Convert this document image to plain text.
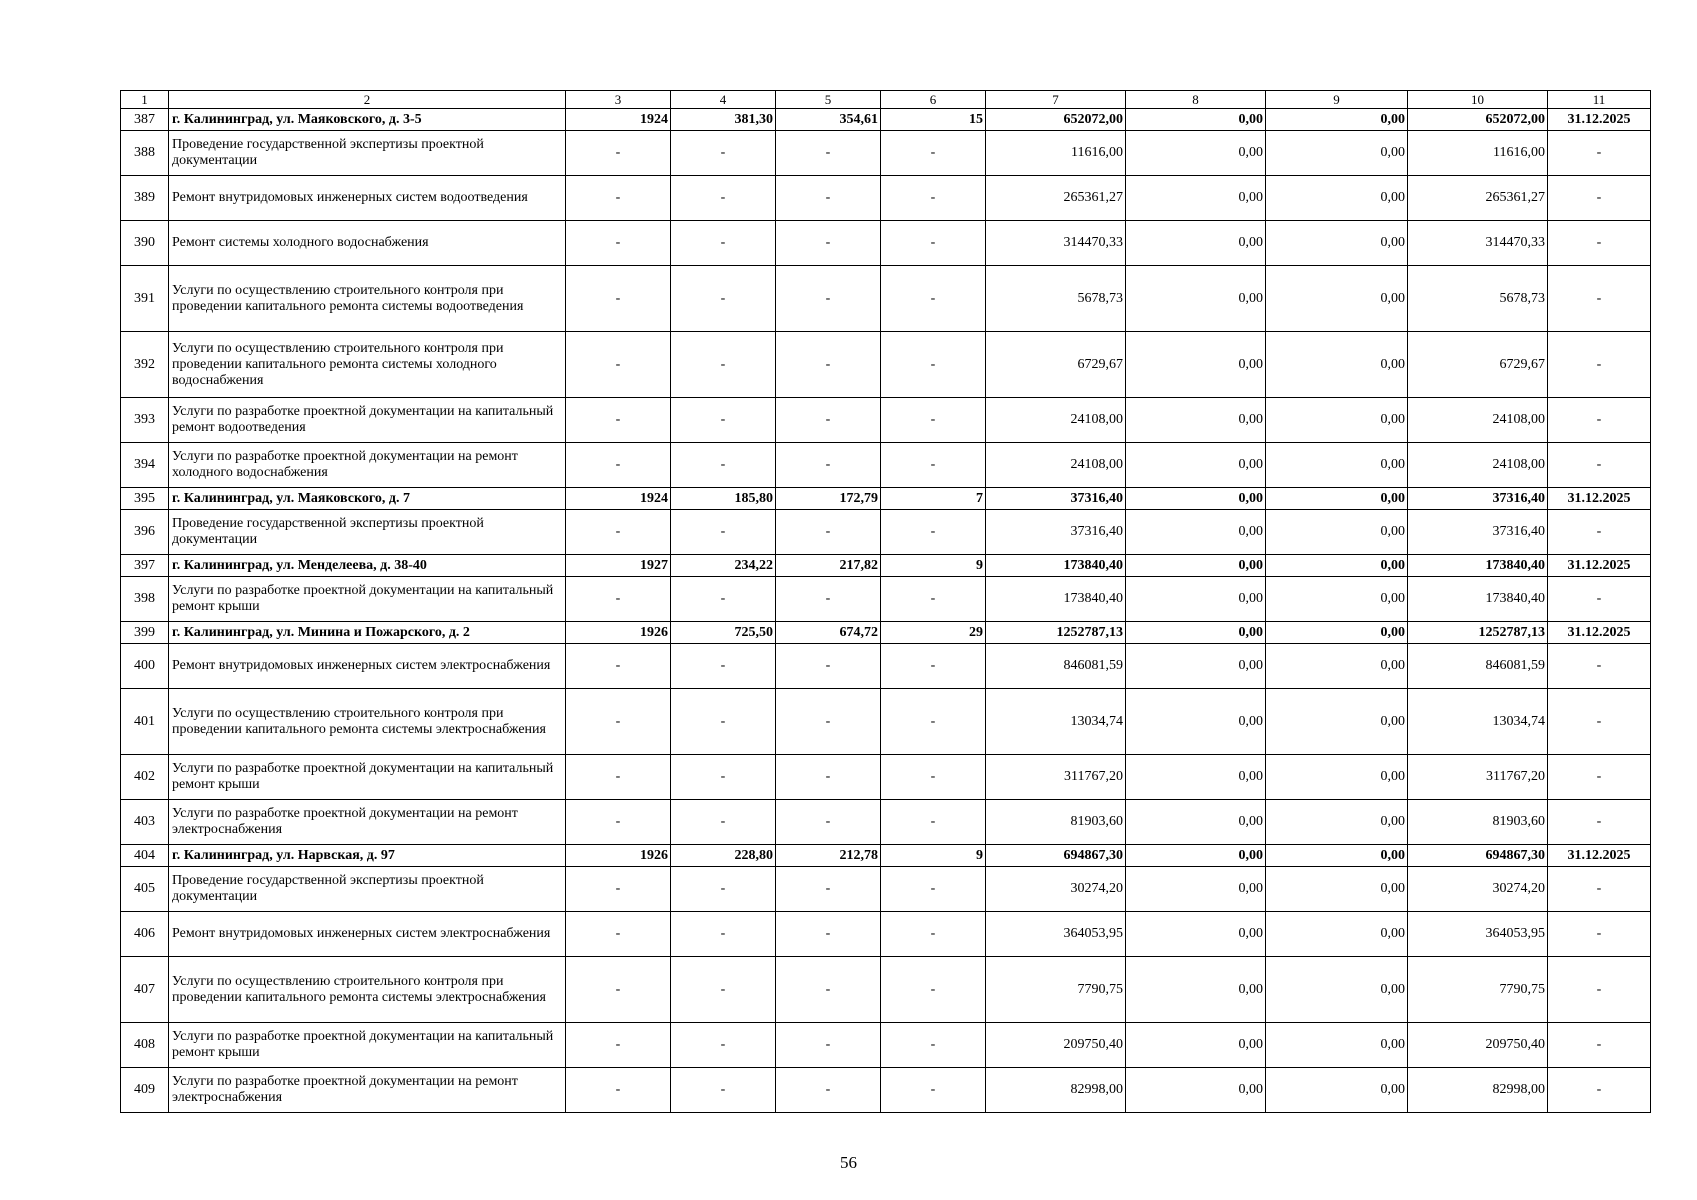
1	2	3	4	5	6	7	8	9	10	11
387	г. Калининград, ул. Маяковского, д. 3-5	1924	381,30	354,61	15	652072,00	0,00	0,00	652072,00	31.12.2025
388	Проведение государственной экспертизы проектной документации	-	-	-	-	11616,00	0,00	0,00	11616,00	-
389	Ремонт внутридомовых инженерных систем водоотведения	-	-	-	-	265361,27	0,00	0,00	265361,27	-
390	Ремонт системы холодного водоснабжения	-	-	-	-	314470,33	0,00	0,00	314470,33	-
391	Услуги по осуществлению строительного контроля при проведении капитального ремонта системы водоотведения	-	-	-	-	5678,73	0,00	0,00	5678,73	-
392	Услуги по осуществлению строительного контроля при проведении капитального ремонта системы холодного водоснабжения	-	-	-	-	6729,67	0,00	0,00	6729,67	-
393	Услуги по разработке проектной документации на капитальный ремонт водоотведения	-	-	-	-	24108,00	0,00	0,00	24108,00	-
394	Услуги по разработке проектной документации на ремонт холодного водоснабжения	-	-	-	-	24108,00	0,00	0,00	24108,00	-
395	г. Калининград, ул. Маяковского, д. 7	1924	185,80	172,79	7	37316,40	0,00	0,00	37316,40	31.12.2025
396	Проведение государственной экспертизы проектной документации	-	-	-	-	37316,40	0,00	0,00	37316,40	-
397	г. Калининград, ул. Менделеева, д. 38-40	1927	234,22	217,82	9	173840,40	0,00	0,00	173840,40	31.12.2025
398	Услуги по разработке проектной документации на капитальный ремонт крыши	-	-	-	-	173840,40	0,00	0,00	173840,40	-
399	г. Калининград, ул. Минина и Пожарского, д. 2	1926	725,50	674,72	29	1252787,13	0,00	0,00	1252787,13	31.12.2025
400	Ремонт внутридомовых инженерных систем электроснабжения	-	-	-	-	846081,59	0,00	0,00	846081,59	-
401	Услуги по осуществлению строительного контроля при проведении капитального ремонта системы электроснабжения	-	-	-	-	13034,74	0,00	0,00	13034,74	-
402	Услуги по разработке проектной документации на капитальный ремонт крыши	-	-	-	-	311767,20	0,00	0,00	311767,20	-
403	Услуги по разработке проектной документации на ремонт электроснабжения	-	-	-	-	81903,60	0,00	0,00	81903,60	-
404	г. Калининград, ул. Нарвская, д. 97	1926	228,80	212,78	9	694867,30	0,00	0,00	694867,30	31.12.2025
405	Проведение государственной экспертизы проектной документации	-	-	-	-	30274,20	0,00	0,00	30274,20	-
406	Ремонт внутридомовых инженерных систем электроснабжения	-	-	-	-	364053,95	0,00	0,00	364053,95	-
407	Услуги по осуществлению строительного контроля при проведении капитального ремонта системы электроснабжения	-	-	-	-	7790,75	0,00	0,00	7790,75	-
408	Услуги по разработке проектной документации на капитальный ремонт крыши	-	-	-	-	209750,40	0,00	0,00	209750,40	-
409	Услуги по разработке проектной документации на ремонт электроснабжения	-	-	-	-	82998,00	0,00	0,00	82998,00	-
56
